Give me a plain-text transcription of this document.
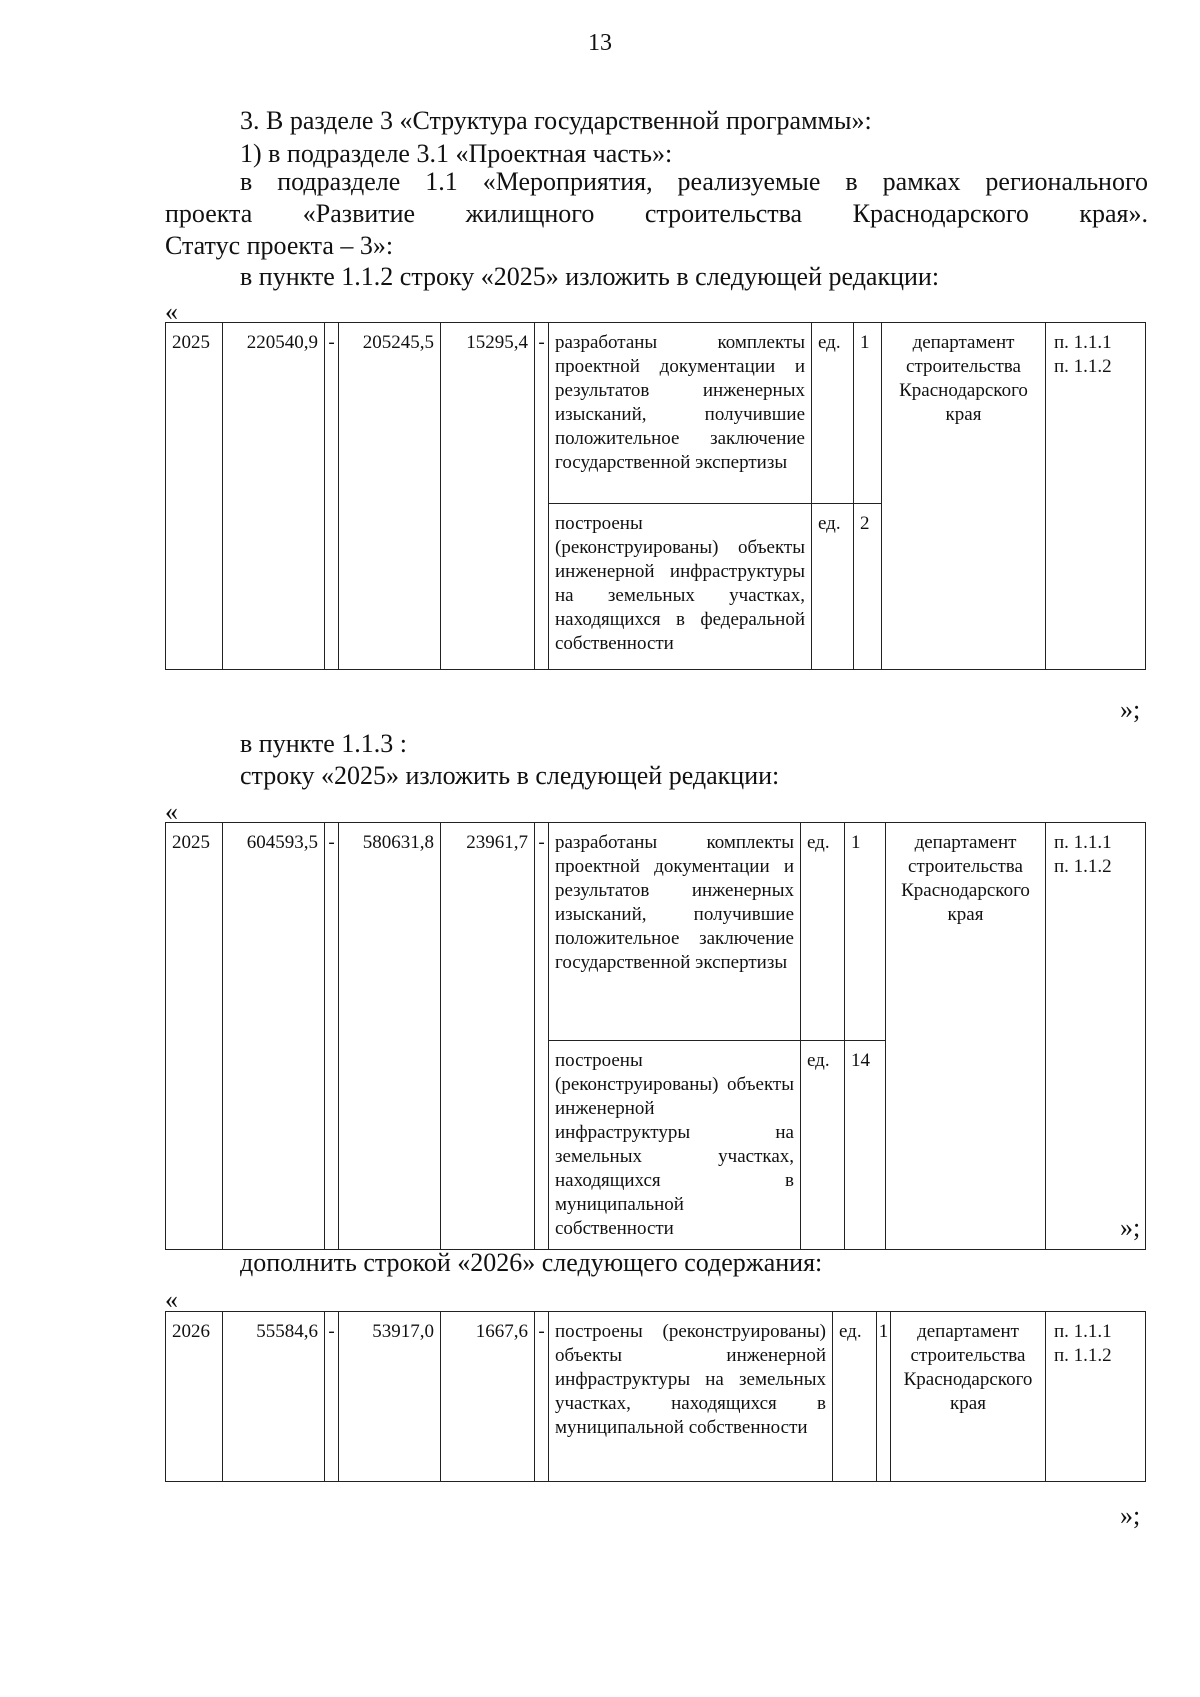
13
3. В разделе 3 «Структура государственной программы»:
1) в подразделе 3.1 «Проектная часть»:
в подразделе 1.1 «Мероприятия, реализуемые в рамках регионального
проекта «Развитие жилищного строительства Краснодарского края».
Статус проекта – 3»:
в пункте 1.1.2 строку «2025» изложить в следующей редакции:
«
2025	220540,9	-	205245,5	15295,4	-	разработаны комплекты проектной документации и результатов инженерных изысканий, получившие положительное заключение государственной экспертизы	ед.	1	департамент строительства Краснодарского края	п. 1.1.1
п. 1.1.2

						построены (реконструированы) объекты инженерной инфраструктуры на земельных участках, находящихся в федеральной собственности	ед.	2		
»;
в пункте 1.1.3 :
строку «2025» изложить в следующей редакции:
«
2025	604593,5	-	580631,8	23961,7	-	разработаны комплекты проектной документации и результатов инженерных изысканий, получившие положительное заключение государственной экспертизы	ед.	1	департамент строительства Краснодарского края	п. 1.1.1
п. 1.1.2

						построены (реконструированы) объекты инженерной инфраструктуры на земельных участках, находящихся в муниципальной собственности	ед.	14		
»;
дополнить строкой «2026» следующего содержания:
«
2026	55584,6	-	53917,0	1667,6	-	построены (реконструированы) объекты инженерной инфраструктуры на земельных участках, находящихся в муниципальной собственности	ед.	1	департамент строительства Краснодарского края	
п. 1.1.1
п. 1.1.2
»;
